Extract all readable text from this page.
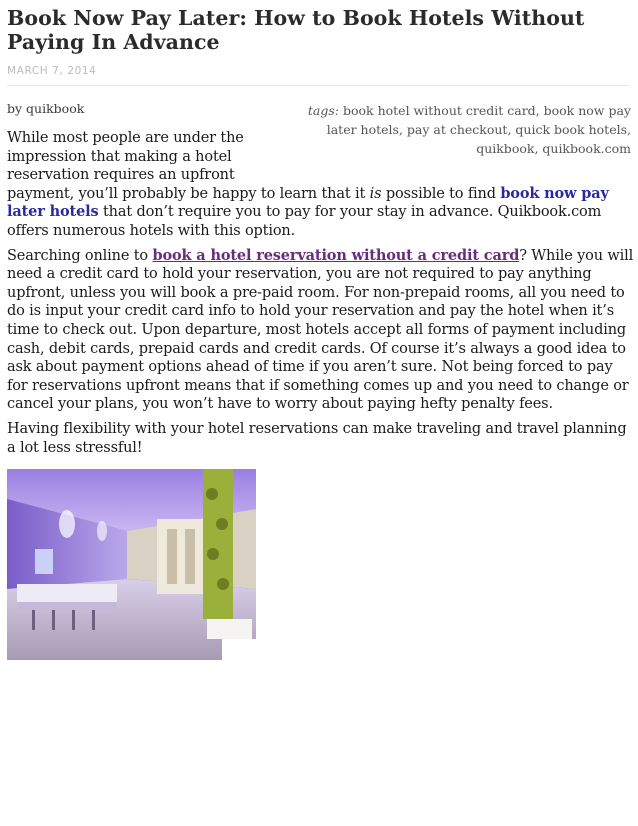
Book Now Pay Later: How to Book Hotels Without
Paying In Advance
MARCH 7, 2014
by quikbook	tags: book hotel without credit card, book now pay later hotels, pay at checkout, quick book hotels, quikbook, quikbook.com

While most people are under the impression that making a hotel reservation requires an upfront payment, you’ll probably be happy to learn that it is possible to find book now pay later hotels that don’t require you to pay for your stay in advance. Quikbook.com offers numerous hotels with this option.

Searching online to book a hotel reservation without a credit card? While you will need a credit card to hold your reservation, you are not required to pay anything upfront, unless you will book a pre-paid room. For non-prepaid rooms, all you need to do is input your credit card info to hold your reservation and pay the hotel when it’s time to check out. Upon departure, most hotels accept all forms of payment including cash, debit cards, prepaid cards and credit cards. Of course it’s always a good idea to ask about payment options ahead of time if you aren’t sure. Not being forced to pay for reservations upfront means that if something comes up and you need to change or cancel your plans, you won’t have to worry about paying hefty penalty fees.

Having flexibility with your hotel reservations can make traveling and travel planning a lot less stressful!
